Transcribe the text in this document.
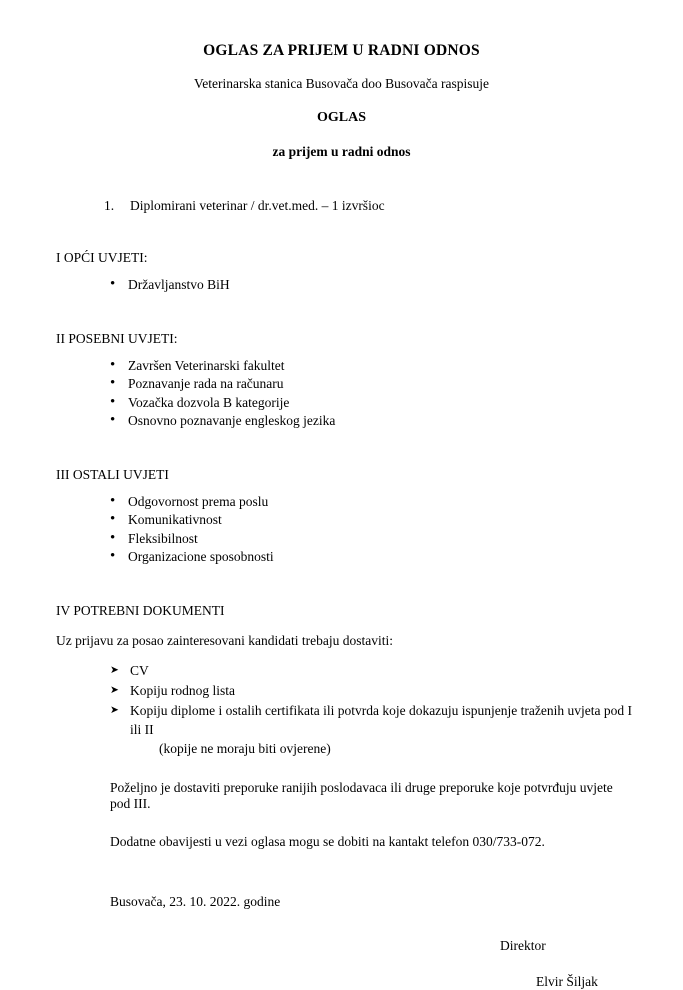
OGLAS ZA PRIJEM U RADNI ODNOS
Veterinarska stanica Busovača doo Busovača raspisuje
OGLAS
za prijem u radni odnos
1. Diplomirani veterinar / dr.vet.med. – 1 izvršioc
I OPĆI UVJETI:
• Državljanstvo BiH
II POSEBNI UVJETI:
• Završen Veterinarski fakultet
• Poznavanje rada na računaru
• Vozačka dozvola B kategorije
• Osnovno poznavanje engleskog jezika
III OSTALI UVJETI
• Odgovornost prema poslu
• Komunikativnost
• Fleksibilnost
• Organizacione sposobnosti
IV POTREBNI DOKUMENTI
Uz prijavu za posao zainteresovani kandidati trebaju dostaviti:
➤ CV
➤ Kopiju rodnog lista
➤ Kopiju diplome i ostalih certifikata ili potvrda koje dokazuju ispunjenje traženih uvjeta pod I ili II
(kopije ne moraju biti ovjerene)
Poželjno je dostaviti preporuke ranijih poslodavaca ili druge preporuke koje potvrđuju uvjete pod III.
Dodatne obavijesti u vezi oglasa mogu se dobiti na kantakt telefon 030/733-072.
Busovača, 23. 10. 2022. godine
Direktor
Elvir Šiljak
